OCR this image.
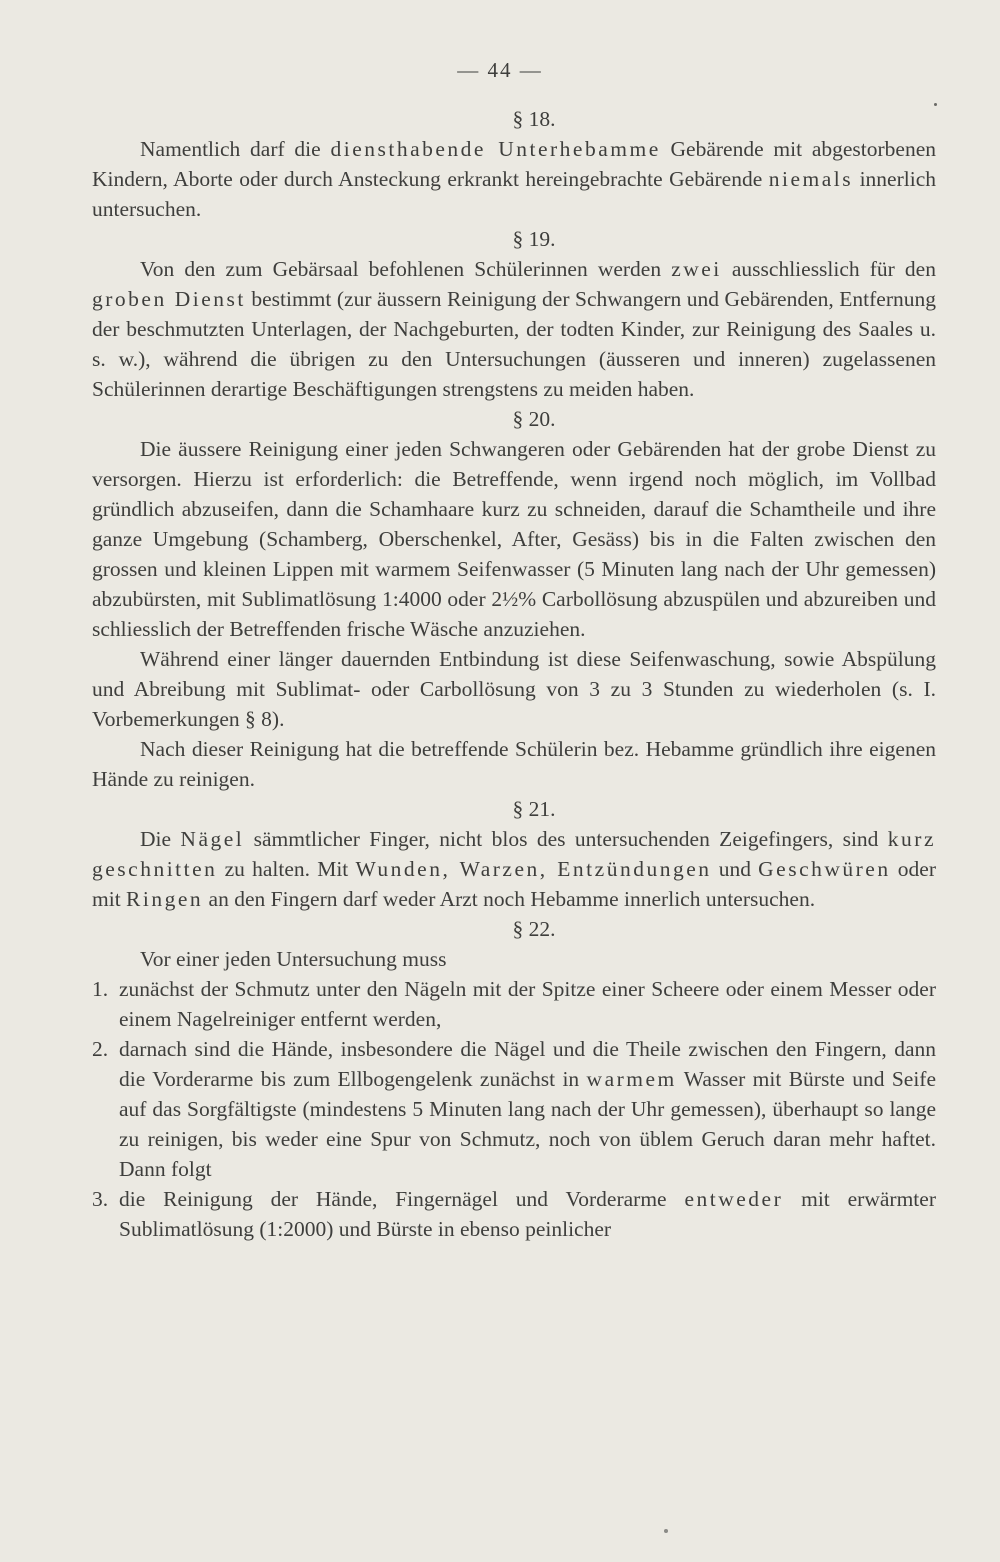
— 44 —
§ 18.

Namentlich darf die diensthabende Unterhebamme Gebärende mit abgestorbenen Kindern, Aborte oder durch Ansteckung erkrankt hereingebrachte Gebärende niemals innerlich untersuchen.

§ 19.

Von den zum Gebärsaal befohlenen Schülerinnen werden zwei ausschliesslich für den groben Dienst bestimmt (zur äussern Reinigung der Schwangern und Gebärenden, Entfernung der beschmutzten Unterlagen, der Nachgeburten, der todten Kinder, zur Reinigung des Saales u. s. w.), während die übrigen zu den Untersuchungen (äusseren und inneren) zugelassenen Schülerinnen derartige Beschäftigungen strengstens zu meiden haben.

§ 20.

Die äussere Reinigung einer jeden Schwangeren oder Gebärenden hat der grobe Dienst zu versorgen. Hierzu ist erforderlich: die Betreffende, wenn irgend noch möglich, im Vollbad gründlich abzuseifen, dann die Schamhaare kurz zu schneiden, darauf die Schamtheile und ihre ganze Umgebung (Schamberg, Oberschenkel, After, Gesäss) bis in die Falten zwischen den grossen und kleinen Lippen mit warmem Seifenwasser (5 Minuten lang nach der Uhr gemessen) abzubürsten, mit Sublimatlösung 1:4000 oder 2½% Carbollösung abzuspülen und abzureiben und schliesslich der Betreffenden frische Wäsche anzuziehen.

Während einer länger dauernden Entbindung ist diese Seifenwaschung, sowie Abspülung und Abreibung mit Sublimat- oder Carbollösung von 3 zu 3 Stunden zu wiederholen (s. I. Vorbemerkungen § 8).

Nach dieser Reinigung hat die betreffende Schülerin bez. Hebamme gründlich ihre eigenen Hände zu reinigen.

§ 21.

Die Nägel sämmtlicher Finger, nicht blos des untersuchenden Zeigefingers, sind kurz geschnitten zu halten. Mit Wunden, Warzen, Entzündungen und Geschwüren oder mit Ringen an den Fingern darf weder Arzt noch Hebamme innerlich untersuchen.

§ 22.

Vor einer jeden Untersuchung muss

1. zunächst der Schmutz unter den Nägeln mit der Spitze einer Scheere oder einem Messer oder einem Nagelreiniger entfernt werden,
2. darnach sind die Hände, insbesondere die Nägel und die Theile zwischen den Fingern, dann die Vorderarme bis zum Ellbogengelenk zunächst in warmem Wasser mit Bürste und Seife auf das Sorgfältigste (mindestens 5 Minuten lang nach der Uhr gemessen), überhaupt so lange zu reinigen, bis weder eine Spur von Schmutz, noch von üblem Geruch daran mehr haftet. Dann folgt
3. die Reinigung der Hände, Fingernägel und Vorderarme entweder mit erwärmter Sublimatlösung (1:2000) und Bürste in ebenso peinlicher
